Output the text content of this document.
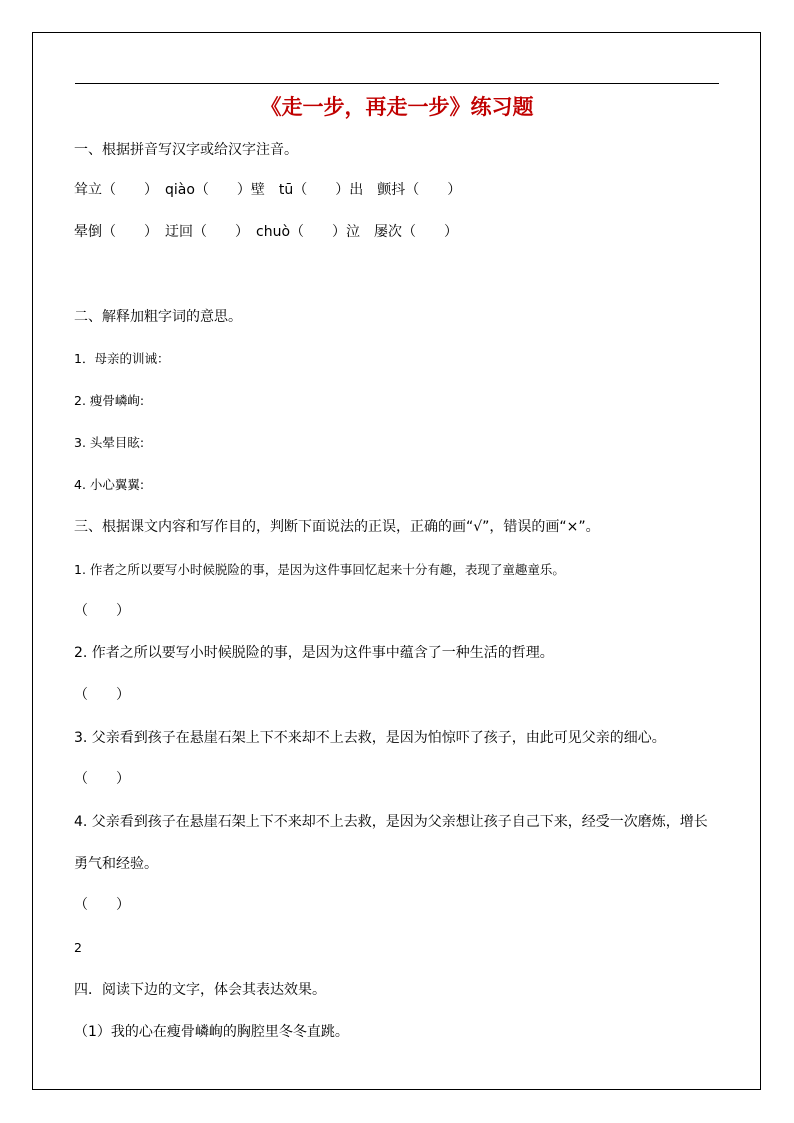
《走一步，再走一步》练习题
一、根据拼音写汉字或给汉字注音。
耸立（　　）　qiào（　　）壁　tū（　　）出　颤抖（　　）
晕倒（　　）　迂回（　　）　chuò（　　）泣　屡次（　　）
二、解释加粗字词的意思。
1．母亲的训诫：
2. 瘦骨嶙峋:
3. 头晕目眩:
4. 小心翼翼:
三、根据课文内容和写作目的，判断下面说法的正误，正确的画“√”，错误的画“×”。
1. 作者之所以要写小时候脱险的事，是因为这件事回忆起来十分有趣，表现了童趣童乐。
（　　）
2. 作者之所以要写小时候脱险的事，是因为这件事中蕴含了一种生活的哲理。
（　　）
3. 父亲看到孩子在悬崖石架上下不来却不上去救，是因为怕惊吓了孩子，由此可见父亲的细心。
（　　）
4. 父亲看到孩子在悬崖石架上下不来却不上去救，是因为父亲想让孩子自己下来，经受一次磨炼，增长
勇气和经验。
（　　）
2
四．阅读下边的文字，体会其表达效果。
（1）我的心在瘦骨嶙峋的胸腔里冬冬直跳。
